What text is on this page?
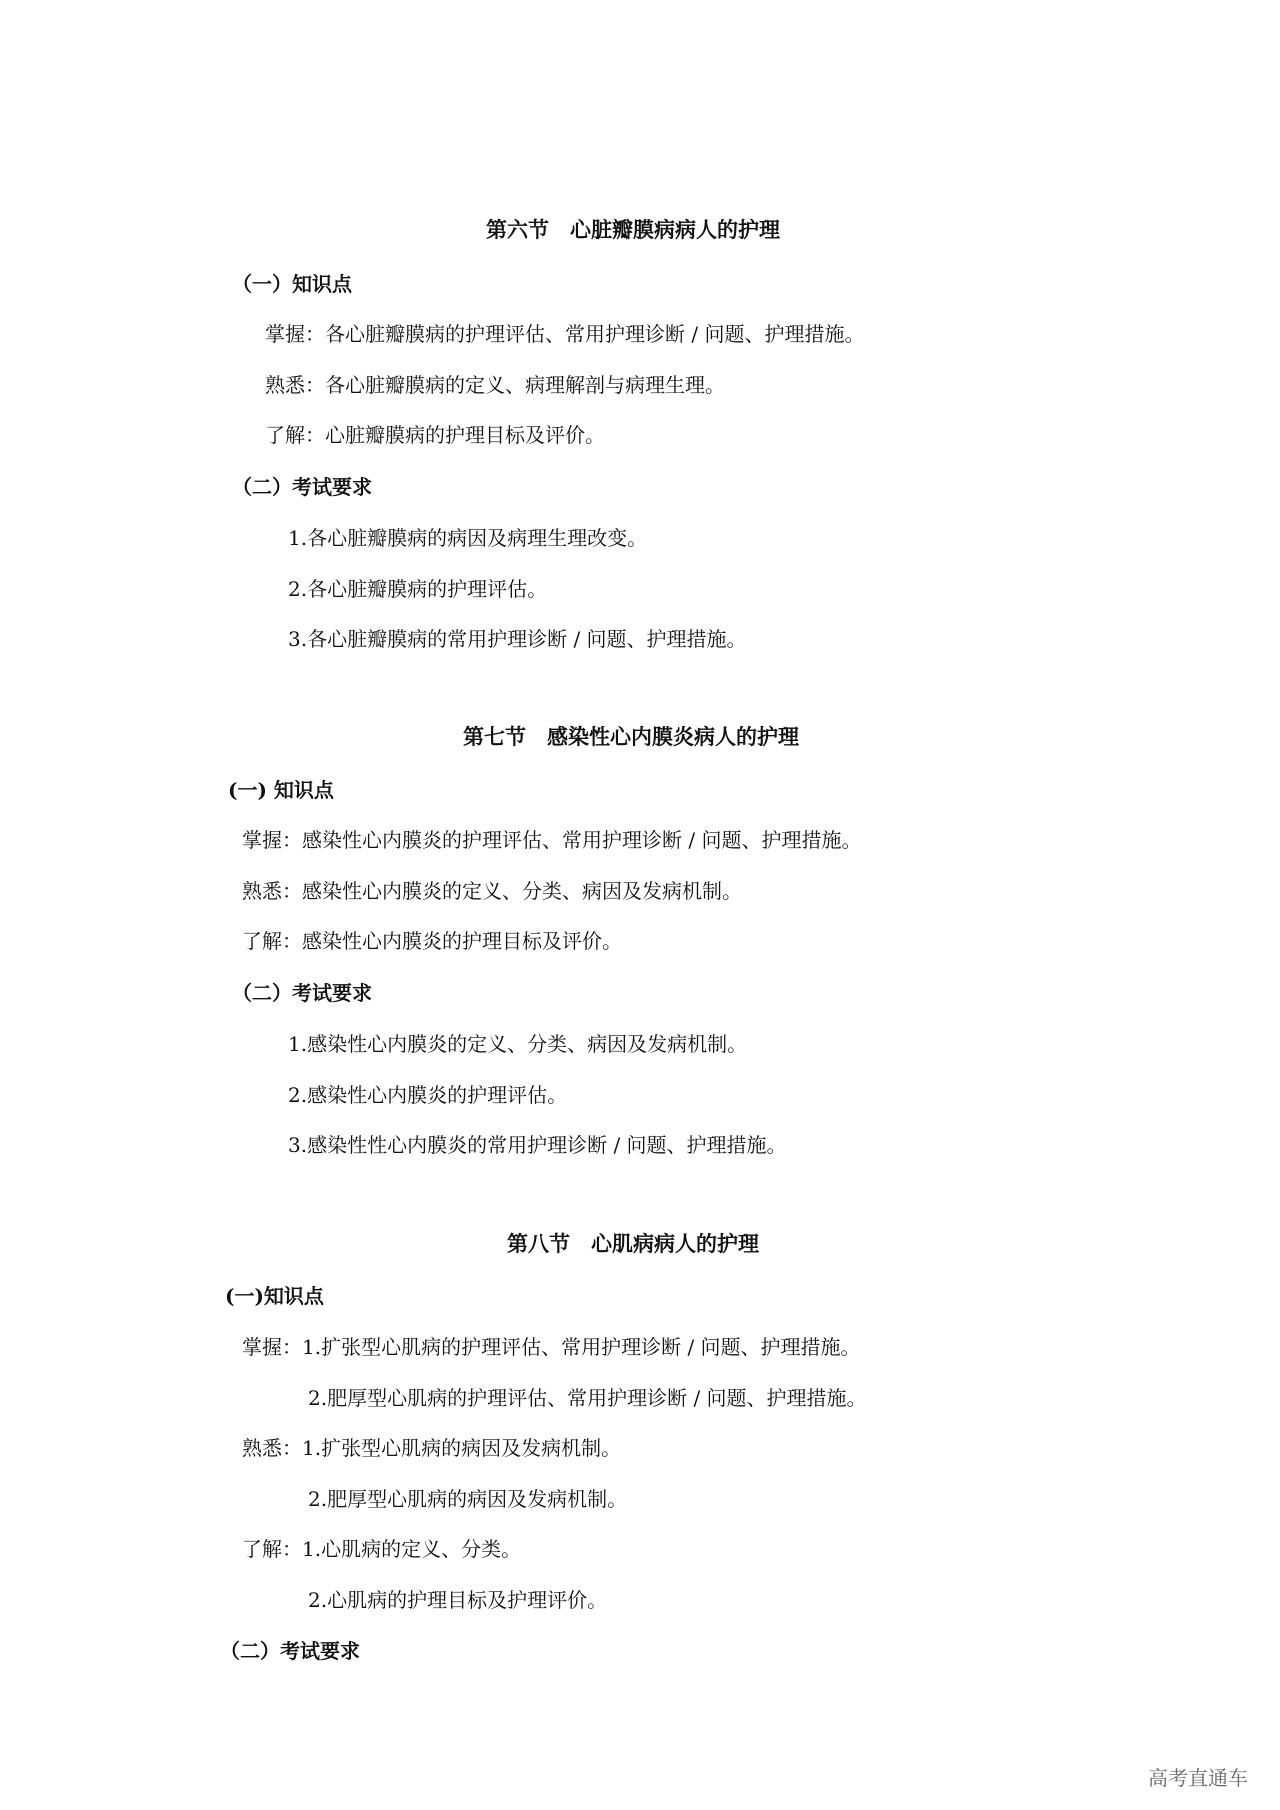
第六节　心脏瓣膜病病人的护理
（一）知识点
掌握：各心脏瓣膜病的护理评估、常用护理诊断 / 问题、护理措施。
熟悉：各心脏瓣膜病的定义、病理解剖与病理生理。
了解：心脏瓣膜病的护理目标及评价。
（二）考试要求
1.各心脏瓣膜病的病因及病理生理改变。
2.各心脏瓣膜病的护理评估。
3.各心脏瓣膜病的常用护理诊断 / 问题、护理措施。
第七节　感染性心内膜炎病人的护理
(一) 知识点
掌握：感染性心内膜炎的护理评估、常用护理诊断 / 问题、护理措施。
熟悉：感染性心内膜炎的定义、分类、病因及发病机制。
了解：感染性心内膜炎的护理目标及评价。
（二）考试要求
1.感染性心内膜炎的定义、分类、病因及发病机制。
2.感染性心内膜炎的护理评估。
3.感染性性心内膜炎的常用护理诊断 / 问题、护理措施。
第八节　心肌病病人的护理
(一)知识点
掌握：1.扩张型心肌病的护理评估、常用护理诊断 / 问题、护理措施。
2.肥厚型心肌病的护理评估、常用护理诊断 / 问题、护理措施。
熟悉：1.扩张型心肌病的病因及发病机制。
2.肥厚型心肌病的病因及发病机制。
了解：1.心肌病的定义、分类。
2.心肌病的护理目标及护理评价。
（二）考试要求
高考直通车
